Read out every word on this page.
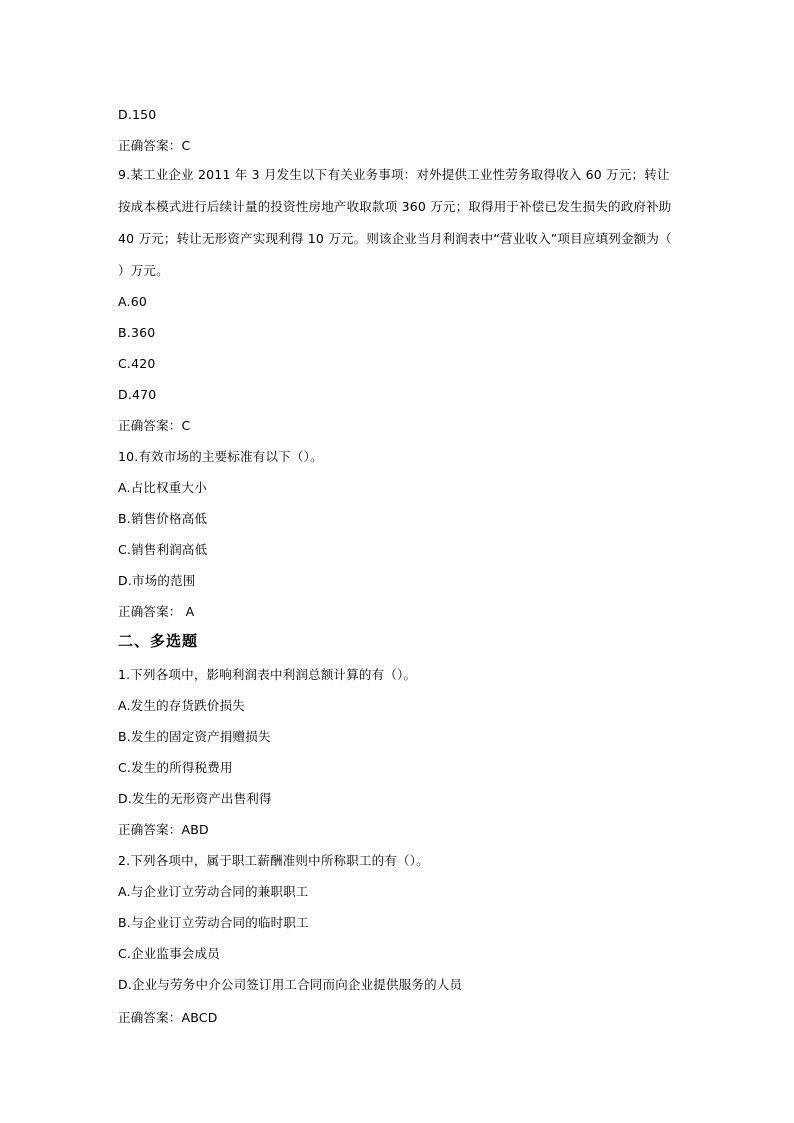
D.150
正确答案：C
9.某工业企业 2011 年 3 月发生以下有关业务事项：对外提供工业性劳务取得收入 60 万元；转让按成本模式进行后续计量的投资性房地产收取款项 360 万元；取得用于补偿已发生损失的政府补助 40 万元；转让无形资产实现利得 10 万元。则该企业当月利润表中“营业收入”项目应填列金额为（ ）万元。
A.60
B.360
C.420
D.470
正确答案：C
10.有效市场的主要标准有以下（）。
A.占比权重大小
B.销售价格高低
C.销售利润高低
D.市场的范围
正确答案： A
二、多选题
1.下列各项中，影响利润表中利润总额计算的有（）。
A.发生的存货跌价损失
B.发生的固定资产捐赠损失
C.发生的所得税费用
D.发生的无形资产出售利得
正确答案：ABD
2.下列各项中，属于职工薪酬准则中所称职工的有（）。
A.与企业订立劳动合同的兼职职工
B.与企业订立劳动合同的临时职工
C.企业监事会成员
D.企业与劳务中介公司签订用工合同而向企业提供服务的人员
正确答案：ABCD
